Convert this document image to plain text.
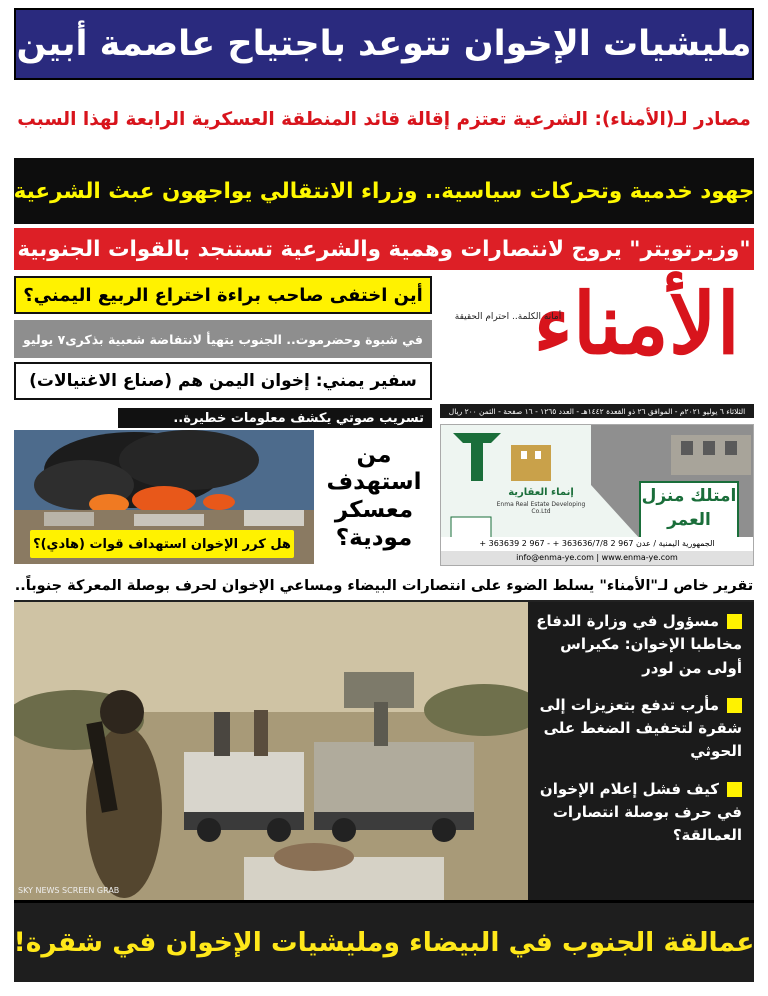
مليشيات الإخوان تتوعد باجتياح عاصمة أبين
مصادر لـ(الأمناء): الشرعية تعتزم إقالة قائد المنطقة العسكرية الرابعة لهذا السبب
جهود خدمية وتحركات سياسية.. وزراء الانتقالي يواجهون عبث الشرعية
"وزيرتويتر" يروج لانتصارات وهمية والشرعية تستنجد بالقوات الجنوبية
أين اختفى صاحب براءة اختراع الربيع اليمني؟
في شبوة وحضرموت.. الجنوب يتهيأ لانتفاضة شعبية بذكرى٧ يوليو
سفير يمني: إخوان اليمن هم (صناع الاغتيالات)
الأمناء
أمانة الكلمة.. احترام الحقيقة
الثلاثاء ٦ يوليو ٢٠٢١م - الموافق ٢٦ ذو القعدة ١٤٤٢هـ - العدد ١٢٦٥ - ١٦ صفحة - الثمن ٢٠٠ ريال
تسريب صوتي يكشف معلومات خطيرة..
هل كرر الإخوان استهداف قوات (هادي)؟
من استهدف معسكر مودية؟
إنماء العقارية
Enma Real Estate Developing Co.Ltd
امتلك منزل
العمر
الجمهورية اليمنية / عدن 967 2 363636/7/8 + - 967 2 363639 +
info@enma-ye.com | www.enma-ye.com
تقرير خاص لـ"الأمناء" يسلط الضوء على انتصارات البيضاء ومساعي الإخوان لحرف بوصلة المعركة جنوباً..
SKY NEWS SCREEN GRAB
مسؤول في وزارة الدفاع مخاطبا الإخوان: مكيراس أولى من لودر
مأرب تدفع بتعزيزات إلى شقرة لتخفيف الضغط على الحوثي
كيف فشل إعلام الإخوان في حرف بوصلة انتصارات العمالقة؟
عمالقة الجنوب في البيضاء ومليشيات الإخوان في شقرة!
